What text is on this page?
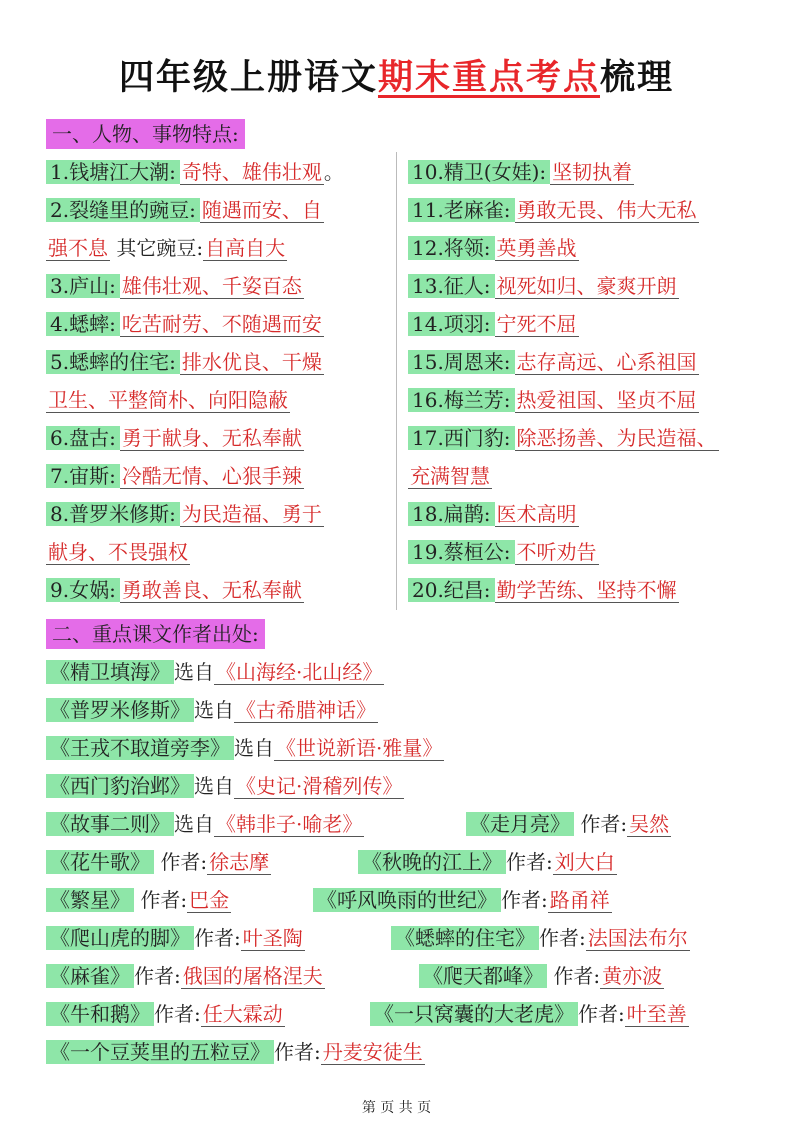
四年级上册语文期末重点考点梳理
一、人物、事物特点:
1.钱塘江大潮: 奇特、雄伟壮观 。
2.裂缝里的豌豆: 随遇而安、自
强不息 其它豌豆: 自高自大
3.庐山: 雄伟壮观、千姿百态
4.蟋蟀: 吃苦耐劳、不随遇而安
5.蟋蟀的住宅: 排水优良、干燥
卫生、平整简朴、向阳隐蔽
6.盘古: 勇于献身、无私奉献
7.宙斯: 冷酷无情、心狠手辣
8.普罗米修斯: 为民造福、勇于
献身、不畏强权
9.女娲: 勇敢善良、无私奉献
10.精卫(女娃): 坚韧执着
11.老麻雀: 勇敢无畏、伟大无私
12.将领: 英勇善战
13.征人: 视死如归、豪爽开朗
14.项羽: 宁死不屈
15.周恩来: 志存高远、心系祖国
16.梅兰芳: 热爱祖国、坚贞不屈
17.西门豹: 除恶扬善、为民造福、
充满智慧
18.扁鹊: 医术高明
19.蔡桓公: 不听劝告
20.纪昌: 勤学苦练、坚持不懈
二、重点课文作者出处:
《精卫填海》 选自 《山海经·北山经》
《普罗米修斯》 选自 《古希腊神话》
《王戎不取道旁李》 选自 《世说新语·雅量》
《西门豹治邺》 选自 《史记·滑稽列传》
《故事二则》 选自 《韩非子·喻老》	《走月亮》 作者: 吴然
《花牛歌》 作者: 徐志摩	《秋晚的江上》 作者: 刘大白
《繁星》 作者: 巴金	《呼风唤雨的世纪》 作者: 路甬祥
《爬山虎的脚》 作者: 叶圣陶	《蟋蟀的住宅》 作者: 法国法布尔
《麻雀》 作者: 俄国的屠格涅夫	《爬天都峰》 作者: 黄亦波
《牛和鹅》 作者: 任大霖动	《一只窝囊的大老虎》 作者: 叶至善
《一个豆荚里的五粒豆》 作者: 丹麦安徒生
第 页 共 页
